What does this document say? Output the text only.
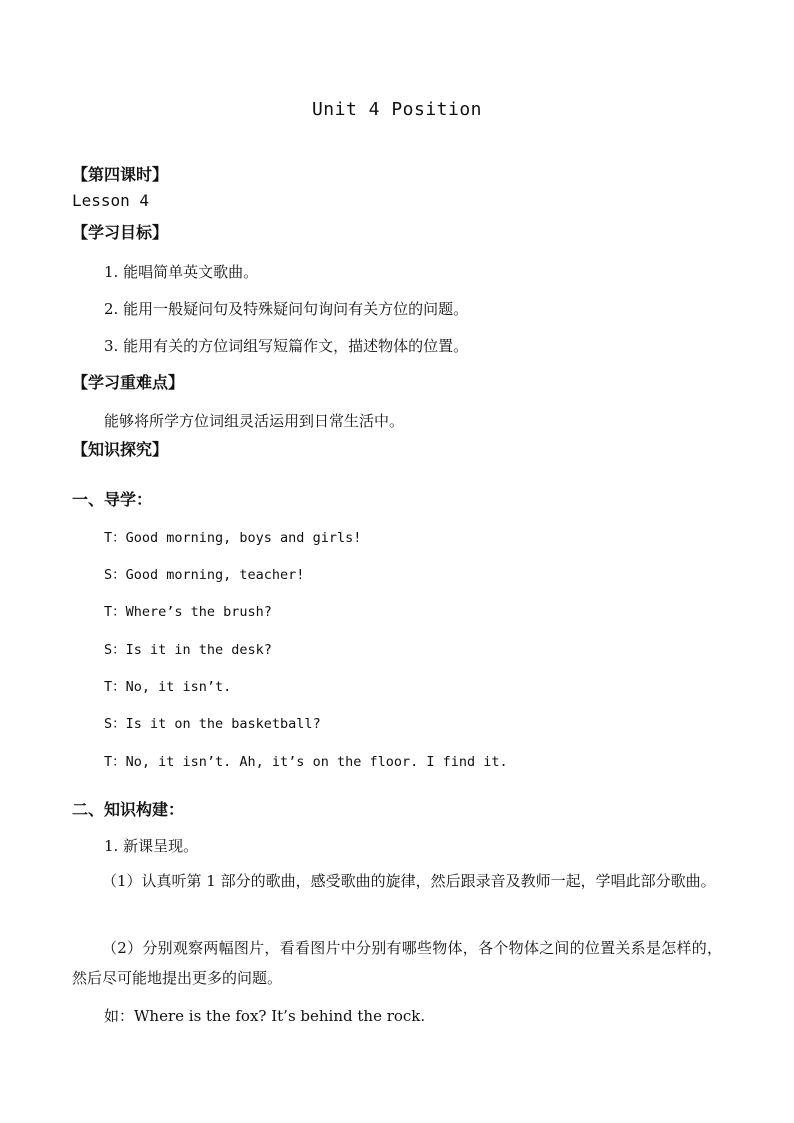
Unit 4 Position
【第四课时】
Lesson 4
【学习目标】
1. 能唱简单英文歌曲。
2. 能用一般疑问句及特殊疑问句询问有关方位的问题。
3. 能用有关的方位词组写短篇作文，描述物体的位置。
【学习重难点】
能够将所学方位词组灵活运用到日常生活中。
【知识探究】
一、导学：
T：Good morning, boys and girls!
S：Good morning, teacher!
T：Where’s the brush?
S：Is it in the desk?
T：No, it isn’t.
S：Is it on the basketball?
T：No, it isn’t. Ah, it’s on the floor. I find it.
二、知识构建：
1. 新课呈现。
（1）认真听第 1 部分的歌曲，感受歌曲的旋律，然后跟录音及教师一起，学唱此部分歌曲。
（2）分别观察两幅图片，看看图片中分别有哪些物体，各个物体之间的位置关系是怎样的，然后尽可能地提出更多的问题。
如：Where is the fox? It’s behind the rock.
